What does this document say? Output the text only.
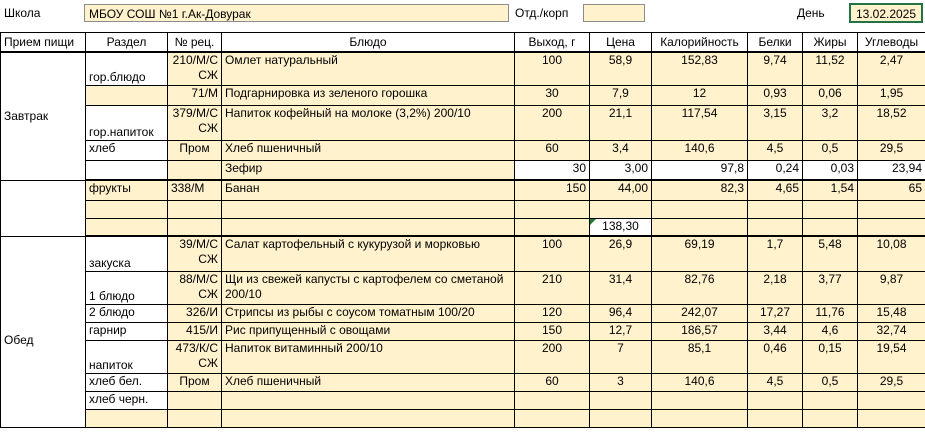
Школа	МБОУ СОШ №1 г.Ак-Довурак	Отд./корп	День	13.02.2025
Прием пищи	Раздел	№ рец.	Блюдо	Выход, г	Цена	Калорийность	Белки	Жиры	Углеводы
Завтрак	гор.блюдо	210/М/ССЖ	Омлет натуральный	100	58,9	152,83	9,74	11,52	2,47
		71/М	Подгарнировка из зеленого горошка	30	7,9	12	0,93	0,06	1,95
	гор.напиток	379/М/ССЖ	Напиток кофейный на молоке (3,2%) 200/10	200	21,1	117,54	3,15	3,2	18,52
	хлеб	Пром	Хлеб пшеничный	60	3,4	140,6	4,5	0,5	29,5
			Зефир	30	3,00	97,8	0,24	0,03	23,94
	фрукты	338/М	Банан	150	44,00	82,3	4,65	1,54	65

					138,30				
Обед	закуска	39/М/ССЖ	Салат картофельный с кукурузой и морковью	100	26,9	69,19	1,7	5,48	10,08
	1 блюдо	88/М/ССЖ	Щи из свежей капусты с картофелем со сметаной 200/10	210	31,4	82,76	2,18	3,77	9,87
	2 блюдо	326/И	Стрипсы из рыбы с соусом томатным 100/20	120	96,4	242,07	17,27	11,76	15,48
	гарнир	415/И	Рис припущенный с овощами	150	12,7	186,57	3,44	4,6	32,74
	напиток	473/К/ССЖ	Напиток витаминный 200/10	200	7	85,1	0,46	0,15	19,54
	хлеб бел.	Пром	Хлеб пшеничный	60	3	140,6	4,5	0,5	29,5
	хлеб черн.								
